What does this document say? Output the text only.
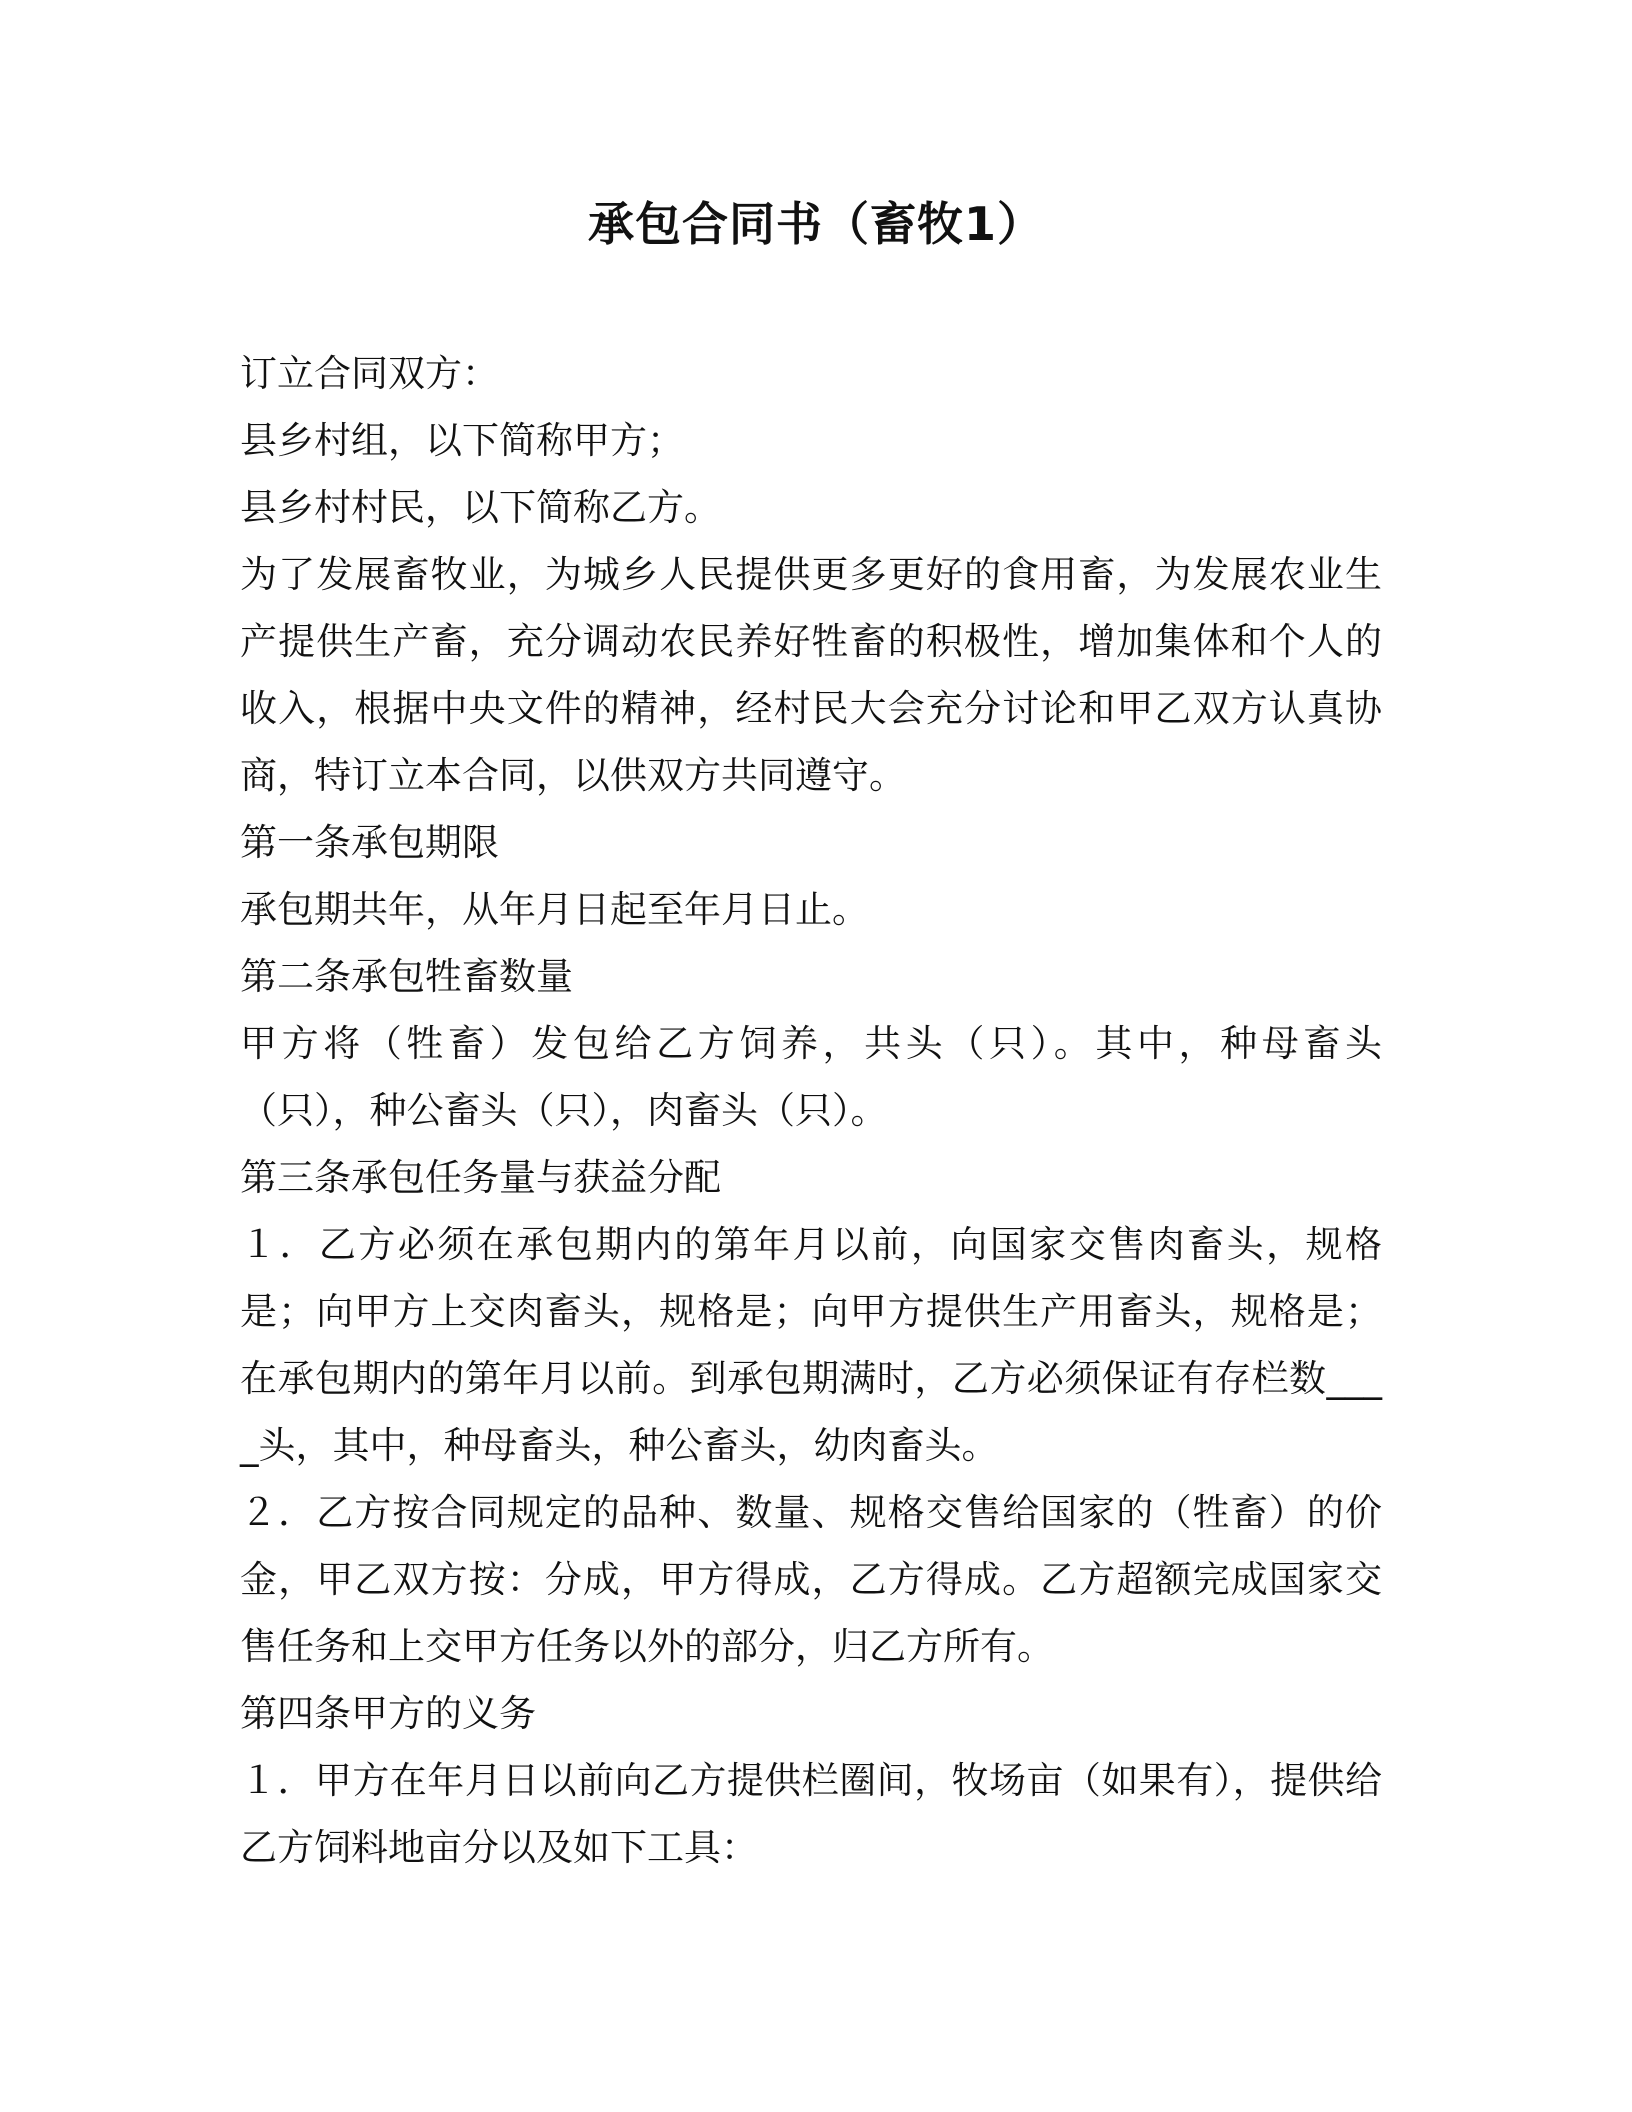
承包合同书（畜牧1）

订立合同双方：

县乡村组，以下简称甲方；

县乡村村民，以下简称乙方。

为了发展畜牧业，为城乡人民提供更多更好的食用畜，为发展农业生产提供生产畜，充分调动农民养好牲畜的积极性，增加集体和个人的收入，根据中央文件的精神，经村民大会充分讨论和甲乙双方认真协商，特订立本合同，以供双方共同遵守。

第一条承包期限

承包期共年，从年月日起至年月日止。

第二条承包牲畜数量

甲方将（牲畜）发包给乙方饲养，共头（只）。其中，种母畜头（只），种公畜头（只），肉畜头（只）。

第三条承包任务量与获益分配

１．乙方必须在承包期内的第年月以前，向国家交售肉畜头，规格是；向甲方上交肉畜头，规格是；向甲方提供生产用畜头，规格是；在承包期内的第年月以前。到承包期满时，乙方必须保证有存栏数____头，其中，种母畜头，种公畜头，幼肉畜头。

２．乙方按合同规定的品种、数量、规格交售给国家的（牲畜）的价金，甲乙双方按：分成，甲方得成，乙方得成。乙方超额完成国家交售任务和上交甲方任务以外的部分，归乙方所有。

第四条甲方的义务

１．甲方在年月日以前向乙方提供栏圈间，牧场亩（如果有），提供给乙方饲料地亩分以及如下工具：
